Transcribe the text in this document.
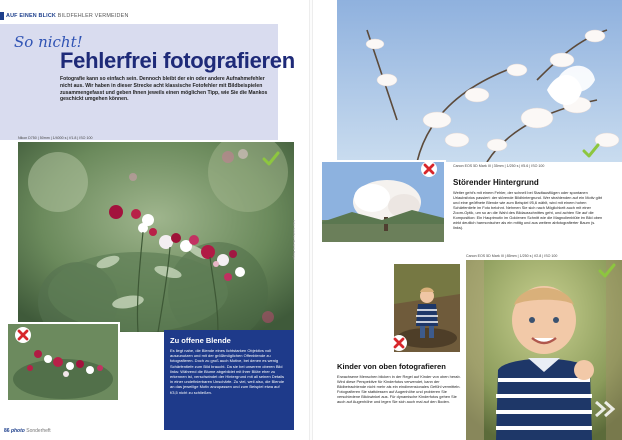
AUF EINEN BLICK BILDFEHLER VERMEIDEN
So nicht!
Fehlerfrei fotografieren
Fotografie kann so einfach sein. Dennoch bleibt der ein oder andere Aufnahmefehler nicht aus. Wir haben in dieser Strecke acht klassische Fotofehler mit Bildbeispielen zusammengefasst und geben Ihnen jeweils einen möglichen Tipp, wie Sie die Mankos geschickt umgehen können.
Nikon D750 | 50mm | 1/4000 s | f/1.8 | ISO 100
Foto: Fotofrau Melanie Bürger
Zu offene Blende
Es liegt nahe, die Blende eines lichtstarken Objektivs voll auszunutzen und mit der größtmöglichen Offenblende zu fotografieren. Doch zu groß auch Motive, bei denen es wenig Schärfentiefe zum Bild braucht. Da sie bei unserem oberen Bild links: Während die Blume abgebildet mit ihrer Blüte eher zu erkennen ist, verschwindet der Hintergrund mit all seinen Details in einer undefinierbaren Unschärfe. Zu viel, weil also, die Blende an das jeweilige Motiv anzupassen und zum Beispiel etwa auf f/3,5 nicht zu schließen.
86 photo Sonderheft
Canon EOS 5D Mark III | 35mm | 1/250 s | f/5.6 | ISO 100
Störender Hintergrund
Weiter geht's mit einem Fehler, der schnell bei Stadtausflügen oder spontanen Urlaubsfotos passiert: der störende Bildhintergrund. Wer strahlenden auf ein Motiv gibt und eine geöffnete Blende wie zum Beispiel f/5,6 wählt, wird mit einem hohen Schärfentiefe im Foto belohnt. Nehmen Sie sich nach Möglichkeit auch mit einer Zoom-Optik, um so an die Wahl des Bildausschnittes geht, und achten Sie auf die Komposition: Ein Hauptmotiv im Goldenen Schnitt wie die Magnolienblüte im Bild oben wirkt deutlich harmonischer als ein mittig und aus weitem abfotografierter Baum (s. links).
Canon EOS 5D Mark III | 85mm | 1/250 s | f/2.8 | ISO 100
Kinder von oben fotografieren
Erwachsene Menschen blicken in der Regel auf Kinder von oben herab. Wird diese Perspektive für Kinderfotos verwendet, kann der Bildbetrachtende nicht mehr als ein eindimensionales Gefühl vermitteln. Fotografieren Sie stattdessen auf Augenhöhe und probieren Sie verschiedene Blickwinkel aus. Für dynamische Kinderfotos gehen Sie auch auf Augenhöhe und legen Sie sich auch mal auf den Boden.
